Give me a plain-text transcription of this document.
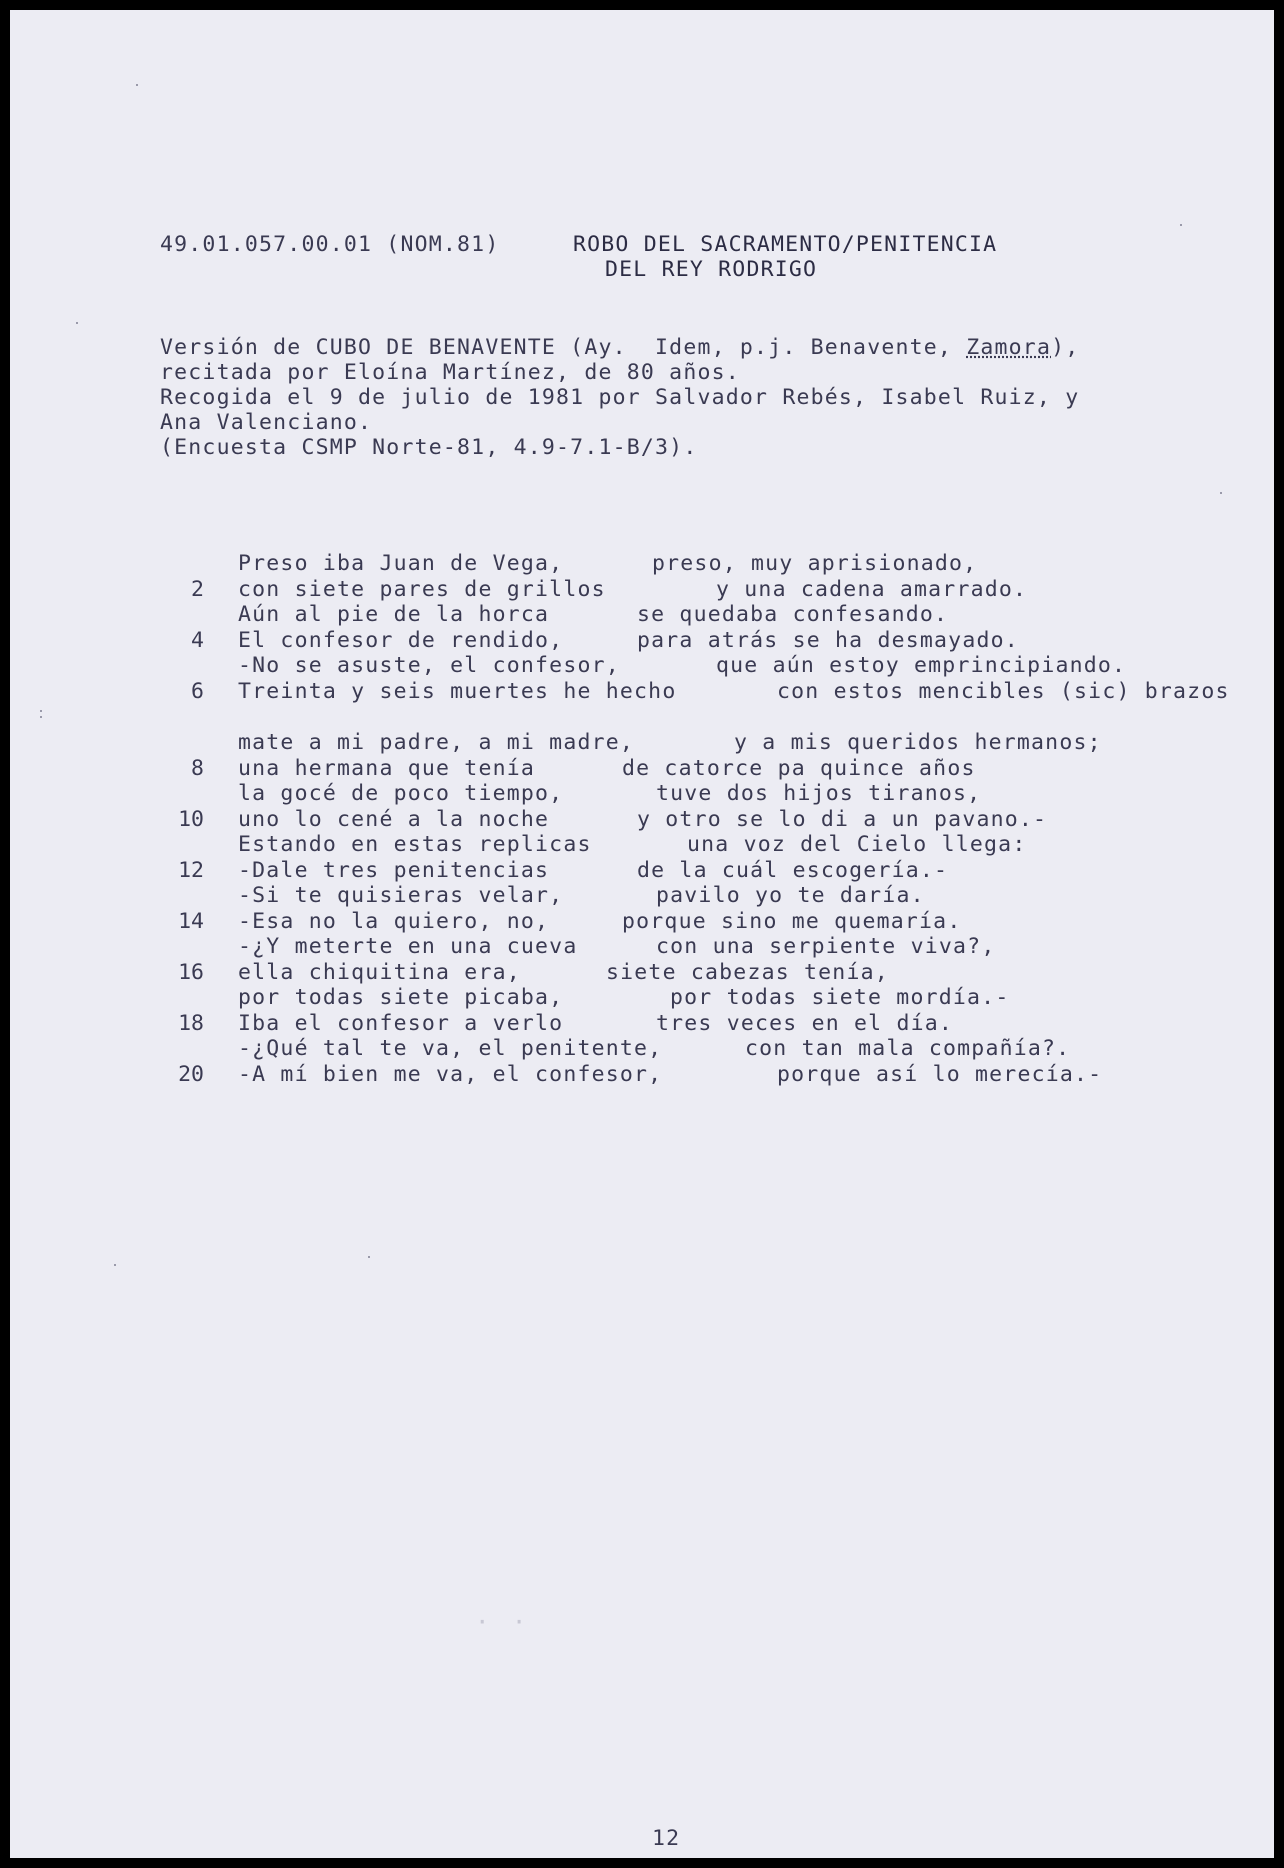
49.01.057.00.01 (NOM.81)	ROBO DEL SACRAMENTO/PENITENCIA
DEL REY RODRIGO
Versión de CUBO DE BENAVENTE (Ay.  Idem, p.j. Benavente, Zamora),
recitada por Eloína Martínez, de 80 años.
Recogida el 9 de julio de 1981 por Salvador Rebés, Isabel Ruiz, y
Ana Valenciano.
(Encuesta CSMP Norte-81, 4.9-7.1-B/3).
Preso iba Juan de Vega,	preso, muy aprisionado,
2 con siete pares de grillos	y una cadena amarrado.
Aún al pie de la horca	se quedaba confesando.
4 El confesor de rendido,	para atrás se ha desmayado.
-No se asuste, el confesor,	que aún estoy emprincipiando.
6 Treinta y seis muertes he hecho	con estos mencibles (sic) brazos
mate a mi padre, a mi madre,	y a mis queridos hermanos;
8 una hermana que tenía	de catorce pa quince años
la gocé de poco tiempo,	tuve dos hijos tiranos,
10 uno lo cené a la noche	y otro se lo di a un pavano.-
Estando en estas replicas	una voz del Cielo llega:
12 -Dale tres penitencias	de la cuál escogería.-
-Si te quisieras velar,	pavilo yo te daría.
14 -Esa no la quiero, no,	porque sino me quemaría.
-¿Y meterte en una cueva	con una serpiente viva?,
16 ella chiquitina era,	siete cabezas tenía,
por todas siete picaba,	por todas siete mordía.-
18 Iba el confesor a verlo	tres veces en el día.
-¿Qué tal te va, el penitente,	con tan mala compañía?.
20 -A mí bien me va, el confesor,	porque así lo merecía.-
· ·
12
